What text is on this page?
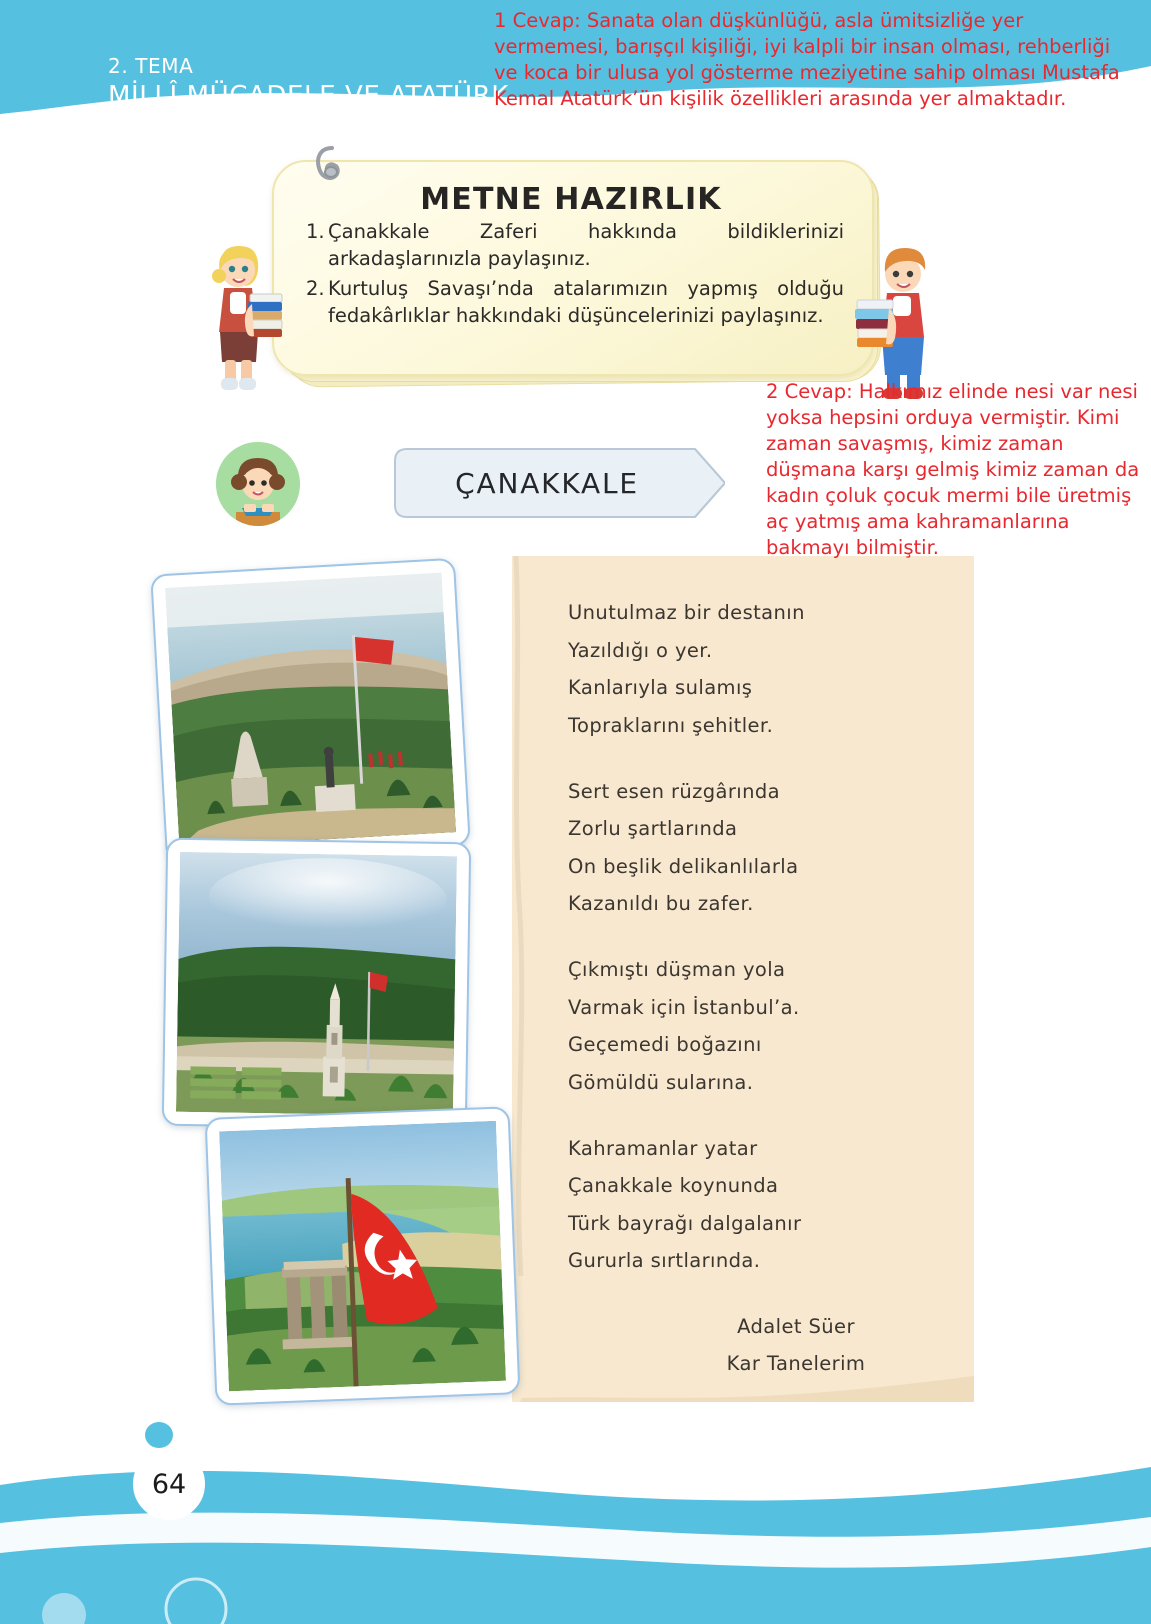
2. TEMA
MİLLÎ MÜCADELE VE ATATÜRK

1 Cevap: Sanata olan düşkünlüğü, asla ümitsizliğe yer vermemesi, barışçıl kişiliği, iyi kalpli bir insan olması, rehberliği ve koca bir ulusa yol gösterme meziyetine sahip olması Mustafa Kemal Atatürk’ün kişilik özellikleri arasında yer almaktadır.

METNE HAZIRLIK
1. Çanakkale Zaferi hakkında bildiklerinizi arkadaşlarınızla paylaşınız.
2. Kurtuluş Savaşı’nda atalarımızın yapmış olduğu fedakârlıklar hakkındaki düşüncelerinizi paylaşınız.

2 Cevap: Halkımız elinde nesi var nesi yoksa hepsini orduya vermiştir. Kimi zaman savaşmış, kimiz zaman düşmana karşı gelmiş kimiz zaman da kadın çoluk çocuk mermi bile üretmiş aç yatmış ama kahramanlarına bakmayı bilmiştir.

ÇANAKKALE
Unutulmaz bir destanın
Yazıldığı o yer.
Kanlarıyla sulamış
Topraklarını şehitler.
Sert esen rüzgârında
Zorlu şartlarında
On beşlik delikanlılarla
Kazanıldı bu zafer.
Çıkmıştı düşman yola
Varmak için İstanbul’a.
Geçemedi boğazını
Gömüldü sularına.
Kahramanlar yatar
Çanakkale koynunda
Türk bayrağı dalgalanır
Gururla sırtlarında.
Adalet Süer
Kar Tanelerim
64
